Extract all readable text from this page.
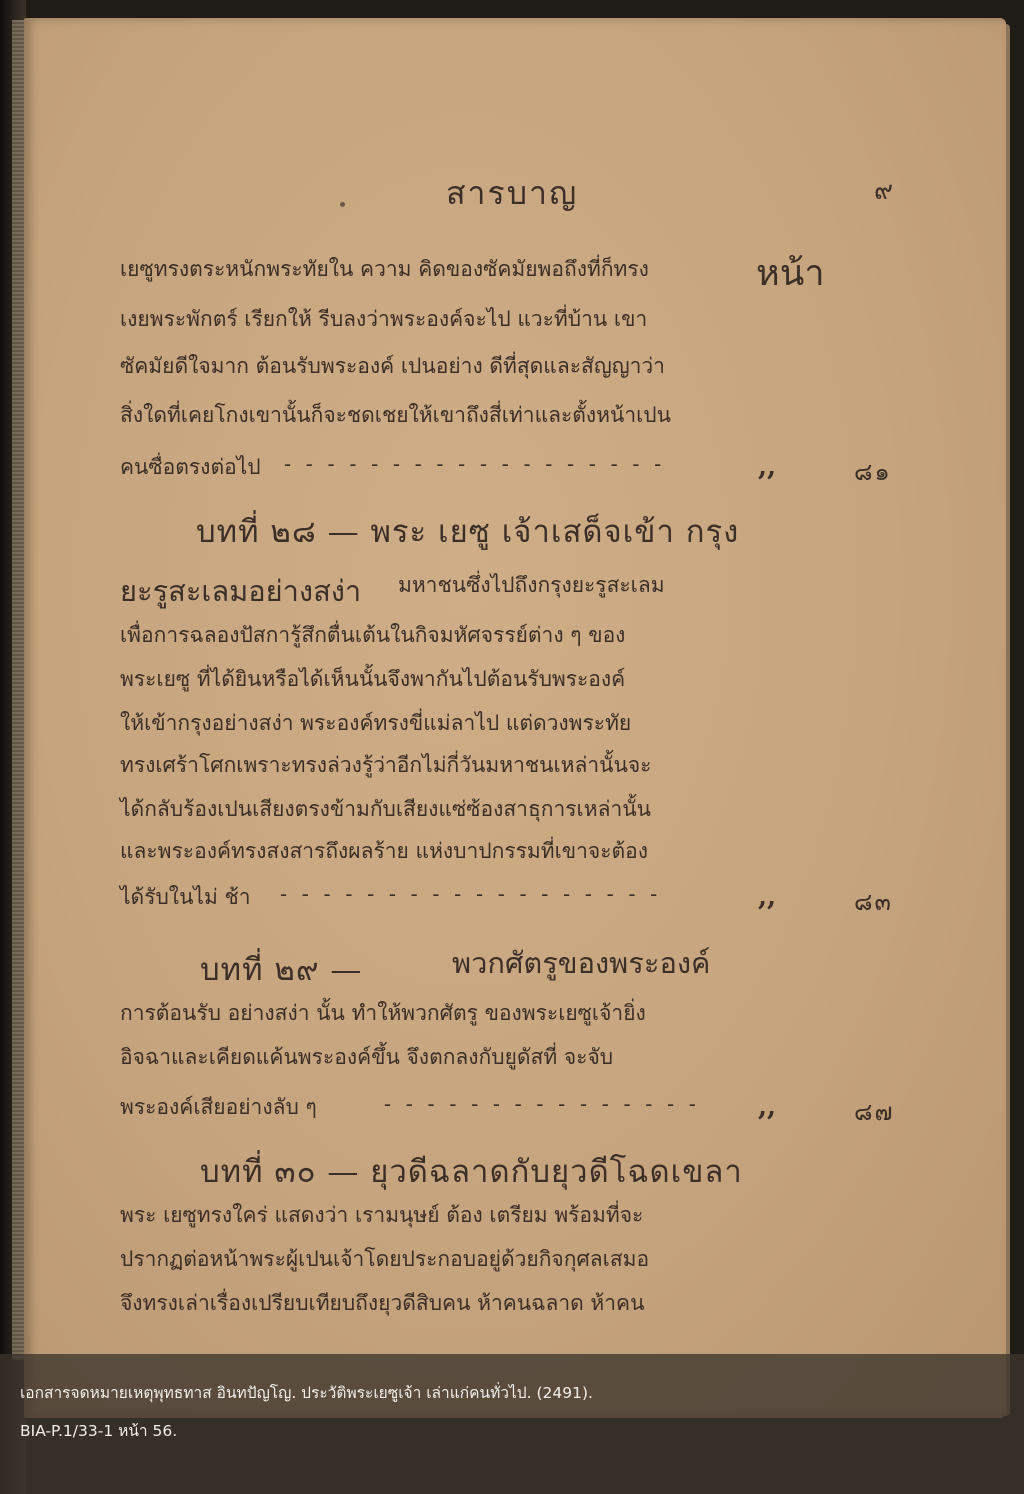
สารบาญ	๙
หน้า
เยซูทรงตระหนักพระทัยใน ความ คิดของซัคมัยพอถึงที่ก็ทรง
เงยพระพักตร์ เรียกให้ รีบลงว่าพระองค์จะไป แวะที่บ้าน เขา
ซัคมัยดีใจมาก ต้อนรับพระองค์ เปนอย่าง ดีที่สุดและสัญญาว่า
สิ่งใดที่เคยโกงเขานั้นก็จะชดเชยให้เขาถึงสี่เท่าและตั้งหน้าเปน
คนซื่อตรงต่อไป - - - - - - - - - - - - - - - - - -	,,	๘๑
บทที่ ๒๘ — พระ เยซู เจ้าเสด็จเข้า กรุง
ยะรูสะเลมอย่างสง่า มหาชนซึ่งไปถึงกรุงยะรูสะเลม
เพื่อการฉลองปัสการู้สึกตื่นเต้นในกิจมหัศจรรย์ต่าง ๆ ของ
พระเยซู ที่ได้ยินหรือได้เห็นนั้นจึงพากันไปต้อนรับพระองค์
ให้เข้ากรุงอย่างสง่า พระองค์ทรงขี่แม่ลาไป แต่ดวงพระทัย
ทรงเศร้าโศกเพราะทรงล่วงรู้ว่าอีกไม่กี่วันมหาชนเหล่านั้นจะ
ได้กลับร้องเปนเสียงตรงข้ามกับเสียงแซ่ซ้องสาธุการเหล่านั้น
และพระองค์ทรงสงสารถึงผลร้าย แห่งบาปกรรมที่เขาจะต้อง
ได้รับในไม่ ช้า - - - - - - - - - - - - - - - - - -	,,	๘๓
บทที่ ๒๙ —	พวกศัตรูของพระองค์
การต้อนรับ อย่างสง่า นั้น ทำให้พวกศัตรู ของพระเยซูเจ้ายิ่ง
อิจฉาและเคียดแค้นพระองค์ขึ้น จึงตกลงกับยูดัสที่ จะจับ
พระองค์เสียอย่างลับ ๆ	- - - - - - - - - - - - - - - ,,	๘๗
บทที่ ๓๐ — ยุวดีฉลาดกับยุวดีโฉดเขลา
พระ เยซูทรงใคร่ แสดงว่า เรามนุษย์ ต้อง เตรียม พร้อมที่จะ
ปรากฏต่อหน้าพระผู้เปนเจ้าโดยประกอบอยู่ด้วยกิจกุศลเสมอ
จึงทรงเล่าเรื่องเปรียบเทียบถึงยุวดีสิบคน ห้าคนฉลาด ห้าคน
เอกสารจดหมายเหตุพุทธทาส อินทปัญโญ. ประวัติพระเยซูเจ้า เล่าแก่คนทั่วไป. (2491).
BIA-P.1/33-1 หน้า 56.
